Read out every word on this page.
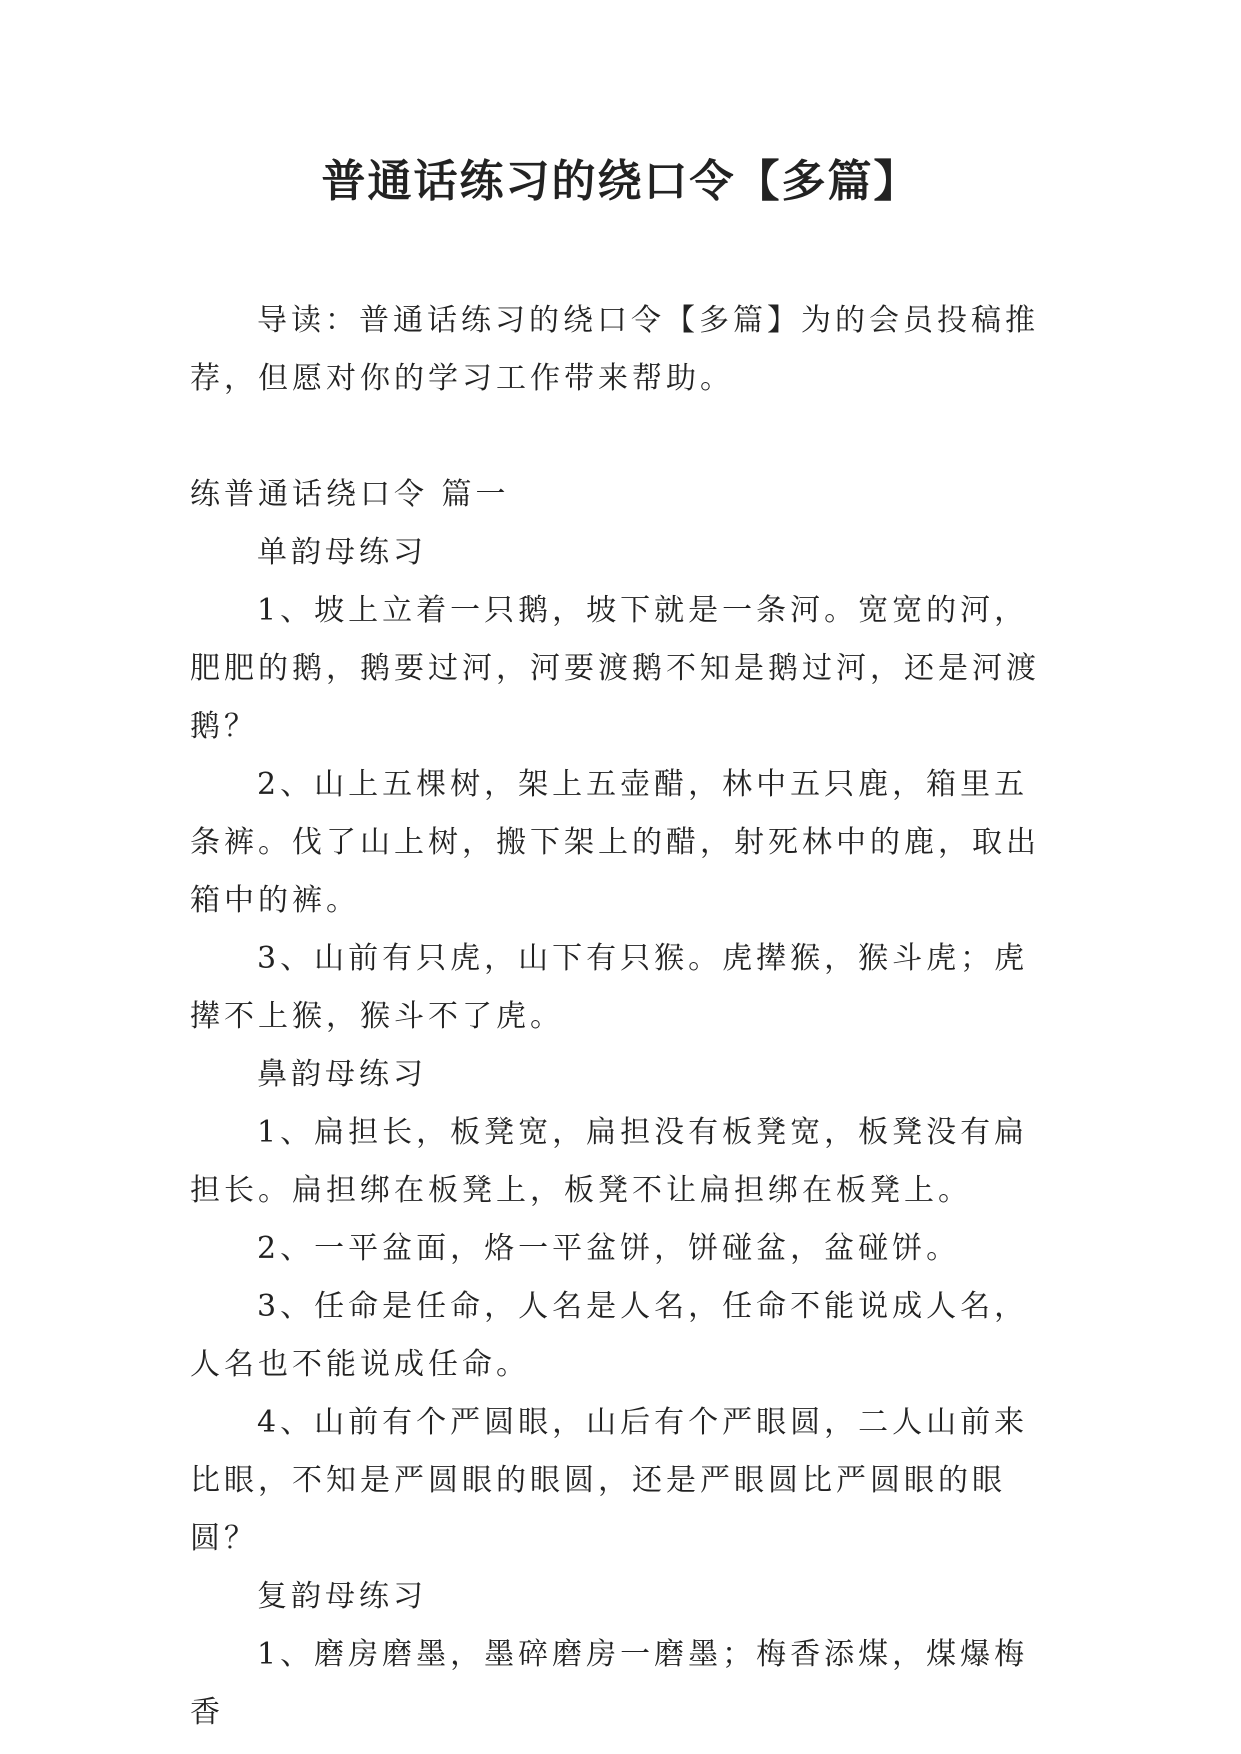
普通话练习的绕口令【多篇】

导读：普通话练习的绕口令【多篇】为的会员投稿推荐，但愿对你的学习工作带来帮助。

练普通话绕口令 篇一

单韵母练习

1、坡上立着一只鹅，坡下就是一条河。宽宽的河，肥肥的鹅，鹅要过河，河要渡鹅不知是鹅过河，还是河渡鹅？

2、山上五棵树，架上五壶醋，林中五只鹿，箱里五条裤。伐了山上树，搬下架上的醋，射死林中的鹿，取出箱中的裤。

3、山前有只虎，山下有只猴。虎撵猴，猴斗虎；虎撵不上猴，猴斗不了虎。

鼻韵母练习

1、扁担长，板凳宽，扁担没有板凳宽，板凳没有扁担长。扁担绑在板凳上，板凳不让扁担绑在板凳上。

2、一平盆面，烙一平盆饼，饼碰盆，盆碰饼。

3、任命是任命，人名是人名，任命不能说成人名，人名也不能说成任命。

4、山前有个严圆眼，山后有个严眼圆，二人山前来比眼，不知是严圆眼的眼圆，还是严眼圆比严圆眼的眼圆？

复韵母练习

1、磨房磨墨，墨碎磨房一磨墨；梅香添煤，煤爆梅香
